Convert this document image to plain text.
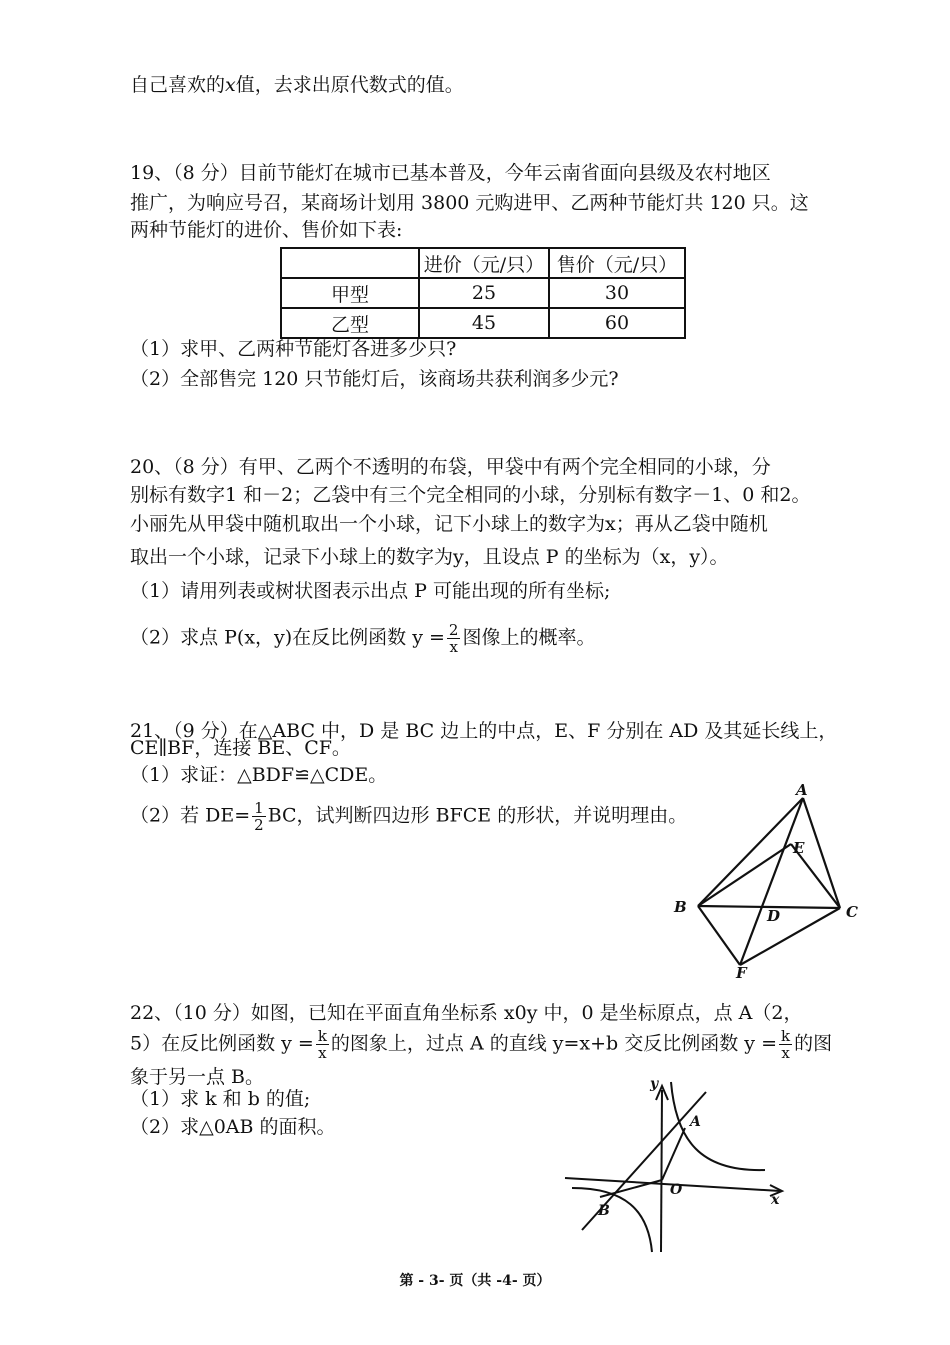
自己喜欢的x值，去求出原代数式的值。
19、（8 分）目前节能灯在城市已基本普及，今年云南省面向县级及农村地区
推广，为响应号召，某商场计划用 3800 元购进甲、乙两种节能灯共 120 只。这
两种节能灯的进价、售价如下表:
	进价（元/只）	售价（元/只）
甲型	25	30
乙型	45	60
（1）求甲、乙两种节能灯各进多少只?
（2）全部售完 120 只节能灯后，该商场共获利润多少元?
20、（8 分）有甲、乙两个不透明的布袋，甲袋中有两个完全相同的小球，分
别标有数字1 和－2；乙袋中有三个完全相同的小球，分别标有数字－1、0 和2。
小丽先从甲袋中随机取出一个小球，记下小球上的数字为x；再从乙袋中随机
取出一个小球，记录下小球上的数字为y，且设点 P 的坐标为（x，y）。
（1）请用列表或树状图表示出点 P 可能出现的所有坐标;
（2）求点 P(x，y)在反比例函数 $y = \frac{2}{x}$ 图像上的概率。
21、（9 分）在△ABC 中，D 是 BC 边上的中点，E、F 分别在 AD 及其延长线上，
CE∥BF，连接 BE、CF。
（1）求证：△BDF≌△CDE。
（2）若 $DE= \frac{1}{2}$ BC，试判断四边形 BFCE 的形状，并说明理由。
A
E
B	D	C
F
22、（10 分）如图，已知在平面直角坐标系 x0y 中，0 是坐标原点，点 A（2，
5）在反比例函数 $y = \frac{k}{x}$ 的图象上，过点 A 的直线 y=x+b 交反比例函数 $y = \frac{k}{x}$ 的图
象于另一点 B。
（1）求 k 和 b 的值;
（2）求△0AB 的面积。
y
A
O
x
B
第 - 3- 页（共 -4- 页）
